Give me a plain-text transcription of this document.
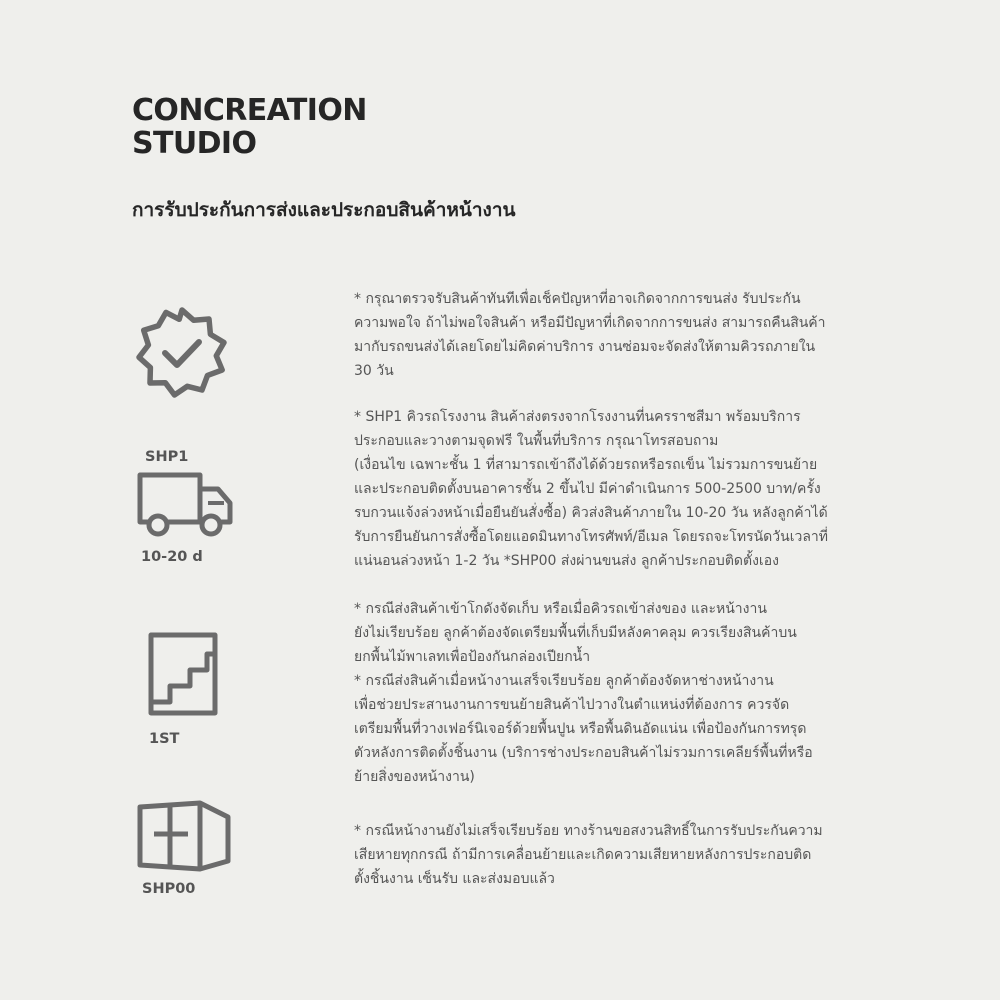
CONCREATION
STUDIO
การรับประกันการส่งและประกอบสินค้าหน้างาน
SHP1
10-20 d
1ST
SHP00
* กรุณาตรวจรับสินค้าทันทีเพื่อเช็คปัญหาที่อาจเกิดจากการขนส่ง รับประกัน
ความพอใจ ถ้าไม่พอใจสินค้า หรือมีปัญหาที่เกิดจากการขนส่ง สามารถคืนสินค้า
มากับรถขนส่งได้เลยโดยไม่คิดค่าบริการ งานซ่อมจะจัดส่งให้ตามคิวรถภายใน
30 วัน
* SHP1 คิวรถโรงงาน สินค้าส่งตรงจากโรงงานที่นครราชสีมา พร้อมบริการ
ประกอบและวางตามจุดฟรี ในพื้นที่บริการ กรุณาโทรสอบถาม
(เงื่อนไข เฉพาะชั้น 1 ที่สามารถเข้าถึงได้ด้วยรถหรือรถเข็น ไม่รวมการขนย้าย
และประกอบติดตั้งบนอาคารชั้น 2 ขึ้นไป มีค่าดำเนินการ 500-2500 บาท/ครั้ง
รบกวนแจ้งล่วงหน้าเมื่อยืนยันสั่งซื้อ) คิวส่งสินค้าภายใน 10-20 วัน หลังลูกค้าได้
รับการยืนยันการสั่งซื้อโดยแอดมินทางโทรศัพท์/อีเมล โดยรถจะโทรนัดวันเวลาที่
แน่นอนล่วงหน้า 1-2 วัน *SHP00 ส่งผ่านขนส่ง ลูกค้าประกอบติดตั้งเอง
* กรณีส่งสินค้าเข้าโกดังจัดเก็บ หรือเมื่อคิวรถเข้าส่งของ และหน้างาน
ยังไม่เรียบร้อย ลูกค้าต้องจัดเตรียมพื้นที่เก็บมีหลังคาคลุม ควรเรียงสินค้าบน
ยกพื้นไม้พาเลทเพื่อป้องกันกล่องเปียกน้ำ
* กรณีส่งสินค้าเมื่อหน้างานเสร็จเรียบร้อย ลูกค้าต้องจัดหาช่างหน้างาน
เพื่อช่วยประสานงานการขนย้ายสินค้าไปวางในตำแหน่งที่ต้องการ ควรจัด
เตรียมพื้นที่วางเฟอร์นิเจอร์ด้วยพื้นปูน หรือพื้นดินอัดแน่น เพื่อป้องกันการทรุด
ตัวหลังการติดตั้งชิ้นงาน (บริการช่างประกอบสินค้าไม่รวมการเคลียร์พื้นที่หรือ
ย้ายสิ่งของหน้างาน)
* กรณีหน้างานยังไม่เสร็จเรียบร้อย ทางร้านขอสงวนสิทธิ์ในการรับประกันความ
เสียหายทุกกรณี ถ้ามีการเคลื่อนย้ายและเกิดความเสียหายหลังการประกอบติด
ตั้งชิ้นงาน เซ็นรับ และส่งมอบแล้ว
